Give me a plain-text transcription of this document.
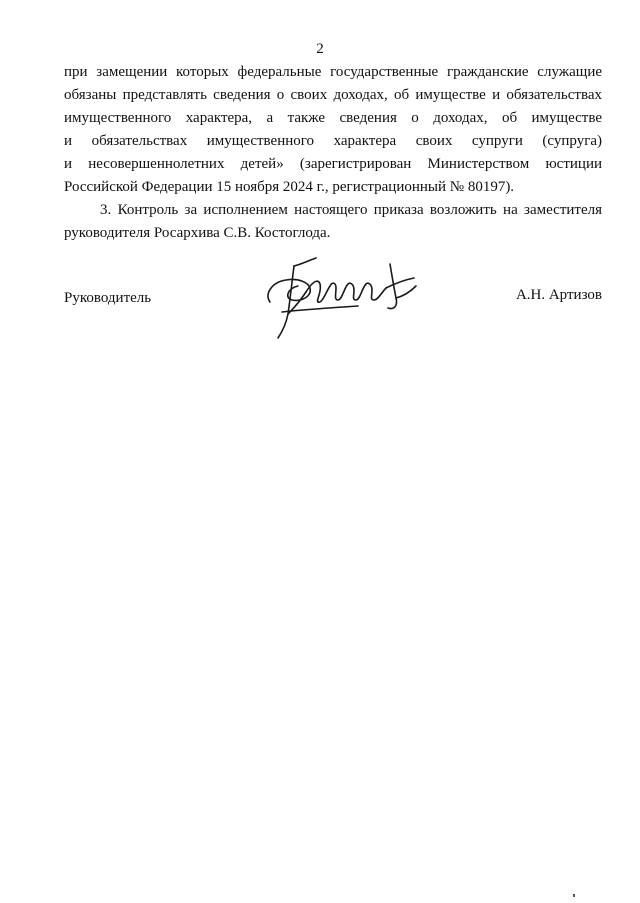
2
при замещении которых федеральные государственные гражданские служащие
обязаны представлять сведения о своих доходах, об имуществе и обязательствах
имущественного характера, а также сведения о доходах, об имуществе
и обязательствах имущественного характера своих супруги (супруга)
и несовершеннолетних детей» (зарегистрирован Министерством юстиции
Российской Федерации 15 ноября 2024 г., регистрационный № 80197).
3. Контроль за исполнением настоящего приказа возложить на заместителя
руководителя Росархива С.В. Костоглода.
Руководитель	А.Н. Артизов
